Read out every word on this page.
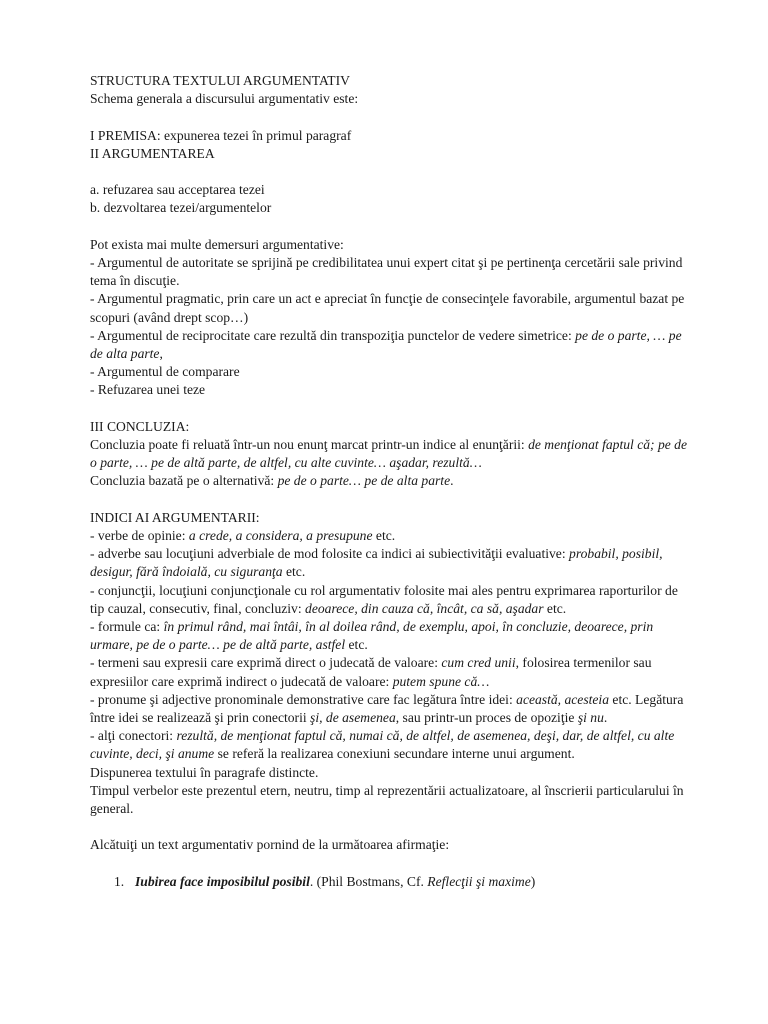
STRUCTURA TEXTULUI ARGUMENTATIV

Schema generala a discursului argumentativ este:

I PREMISA: expunerea tezei în primul paragraf

II ARGUMENTAREA

a. refuzarea sau acceptarea tezei

b. dezvoltarea tezei/argumentelor

Pot exista mai multe demersuri argumentative:

- Argumentul de autoritate se sprijină pe credibilitatea unui expert citat şi pe pertinenţa cercetării sale privind tema în discuţie.

- Argumentul pragmatic, prin care un act e apreciat în funcţie de consecinţele favorabile, argumentul bazat pe scopuri (având drept scop…)

- Argumentul de reciprocitate care rezultă din transpoziţia punctelor de vedere simetrice: pe de o parte, … pe de alta parte,

- Argumentul de comparare

- Refuzarea unei teze

III CONCLUZIA:

Concluzia poate fi reluată într-un nou enunţ marcat printr-un indice al enunţării: de menţionat faptul că; pe de o parte, … pe de altă parte, de altfel, cu alte cuvinte… aşadar, rezultă…

Concluzia bazată pe o alternativă: pe de o parte… pe de alta parte.

INDICI AI ARGUMENTARII:

- verbe de opinie: a crede, a considera, a presupune etc.

- adverbe sau locuţiuni adverbiale de mod folosite ca indici ai subiectivităţii evaluative: probabil, posibil, desigur, fără îndoială, cu siguranţa etc.

- conjuncţii, locuţiuni conjuncţionale cu rol argumentativ folosite mai ales pentru exprimarea raporturilor de tip cauzal, consecutiv, final, concluziv: deoarece, din cauza că, încât, ca să, aşadar etc.

- formule ca: în primul rând, mai întâi, în al doilea rând, de exemplu, apoi, în concluzie, deoarece, prin urmare, pe de o parte… pe de altă parte, astfel etc.

- termeni sau expresii care exprimă direct o judecată de valoare: cum cred unii, folosirea termenilor sau expresiilor care exprimă indirect o judecată de valoare: putem spune că…

- pronume şi adjective pronominale demonstrative care fac legătura între idei: această, acesteia etc. Legătura între idei se realizează şi prin conectorii şi, de asemenea, sau printr-un proces de opoziţie şi nu.

- alţi conectori: rezultă, de menţionat faptul că, numai că, de altfel, de asemenea, deşi, dar, de altfel, cu alte cuvinte, deci, şi anume se referă la realizarea conexiuni secundare interne unui argument.

Dispunerea textului în paragrafe distincte.

Timpul verbelor este prezentul etern, neutru, timp al reprezentării actualizatoare, al înscrierii particularului în general.

Alcătuiţi un text argumentativ pornind de la următoarea afirmaţie:

1. Iubirea face imposibilul posibil. (Phil Bostmans, Cf. Reflecţii şi maxime)
